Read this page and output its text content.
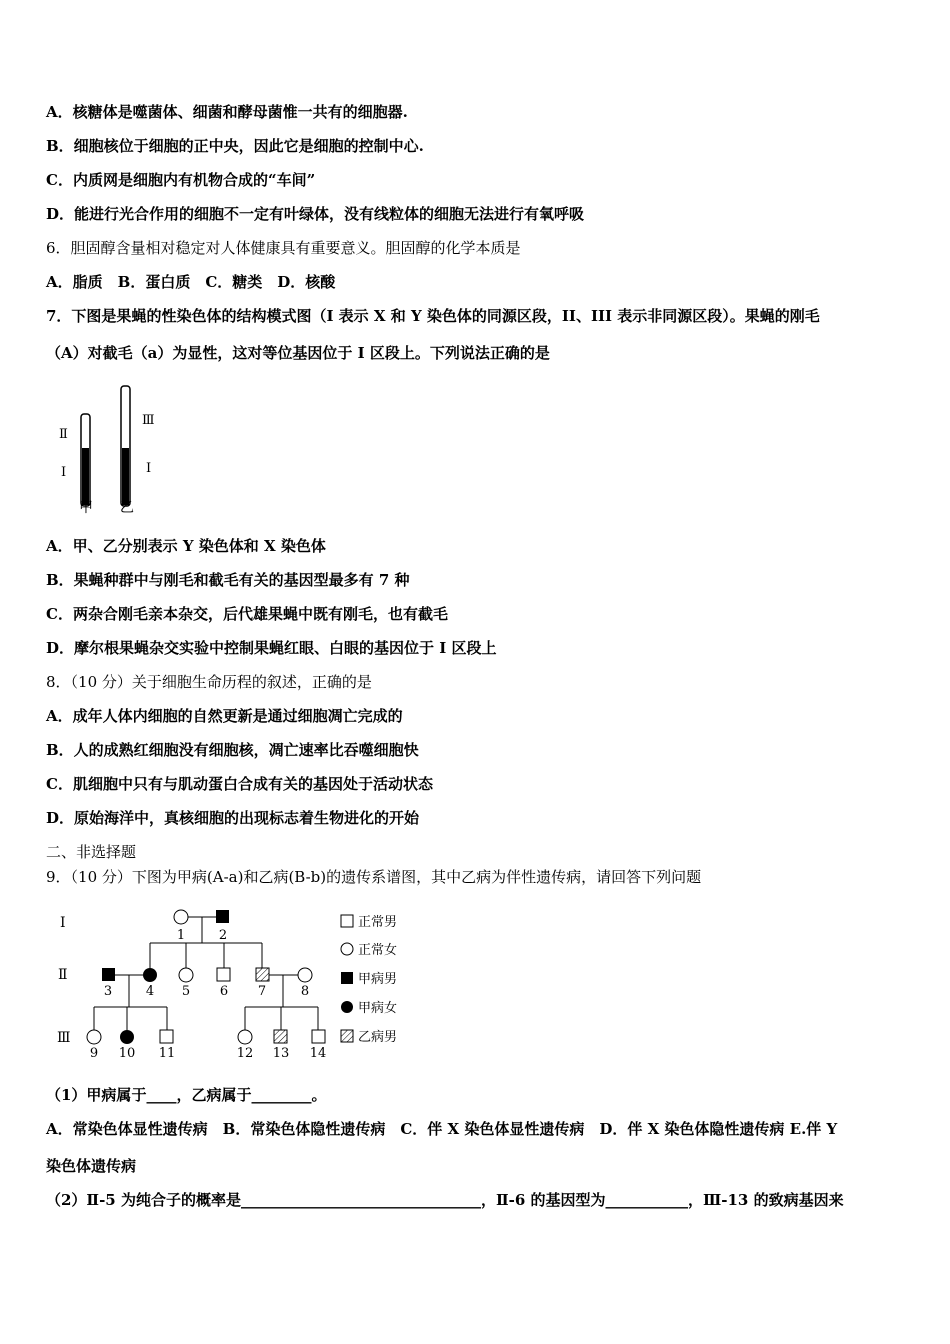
A．核糖体是噬菌体、细菌和酵母菌惟一共有的细胞器.
B．细胞核位于细胞的正中央，因此它是细胞的控制中心.
C．内质网是细胞内有机物合成的“车间”
D．能进行光合作用的细胞不一定有叶绿体，没有线粒体的细胞无法进行有氧呼吸
6．胆固醇含量相对稳定对人体健康具有重要意义。胆固醇的化学本质是
A．脂质　B．蛋白质　C．糖类　D．核酸
7．下图是果蝇的性染色体的结构模式图（I 表示 X 和 Y 染色体的同源区段，II、III 表示非同源区段）。果蝇的刚毛
（A）对截毛（a）为显性，这对等位基因位于 I 区段上。下列说法正确的是
Ⅱ
I
Ⅲ
I
甲 乙
A．甲、乙分别表示 Y 染色体和 X 染色体
B．果蝇种群中与刚毛和截毛有关的基因型最多有 7 种
C．两杂合刚毛亲本杂交，后代雄果蝇中既有刚毛，也有截毛
D．摩尔根果蝇杂交实验中控制果蝇红眼、白眼的基因位于 I 区段上
8．（10 分）关于细胞生命历程的叙述，正确的是
A．成年人体内细胞的自然更新是通过细胞凋亡完成的
B．人的成熟红细胞没有细胞核，凋亡速率比吞噬细胞快
C．肌细胞中只有与肌动蛋白合成有关的基因处于活动状态
D．原始海洋中，真核细胞的出现标志着生物进化的开始
二、非选择题
9．（10 分）下图为甲病(A-a)和乙病(B-b)的遗传系谱图，其中乙病为伴性遗传病，请回答下列问题
Ⅰ
Ⅱ
Ⅲ
1	2
3	4 5 6 7	8
9 10 11	12 13 14
正常男
正常女
甲病男
甲病女
乙病男
（1）甲病属于____，乙病属于________。
A．常染色体显性遗传病　B．常染色体隐性遗传病　C．伴 X 染色体显性遗传病　D．伴 X 染色体隐性遗传病 E.伴 Y
染色体遗传病
（2）Ⅱ-5 为纯合子的概率是________________________________，Ⅱ-6 的基因型为___________，Ⅲ-13 的致病基因来
